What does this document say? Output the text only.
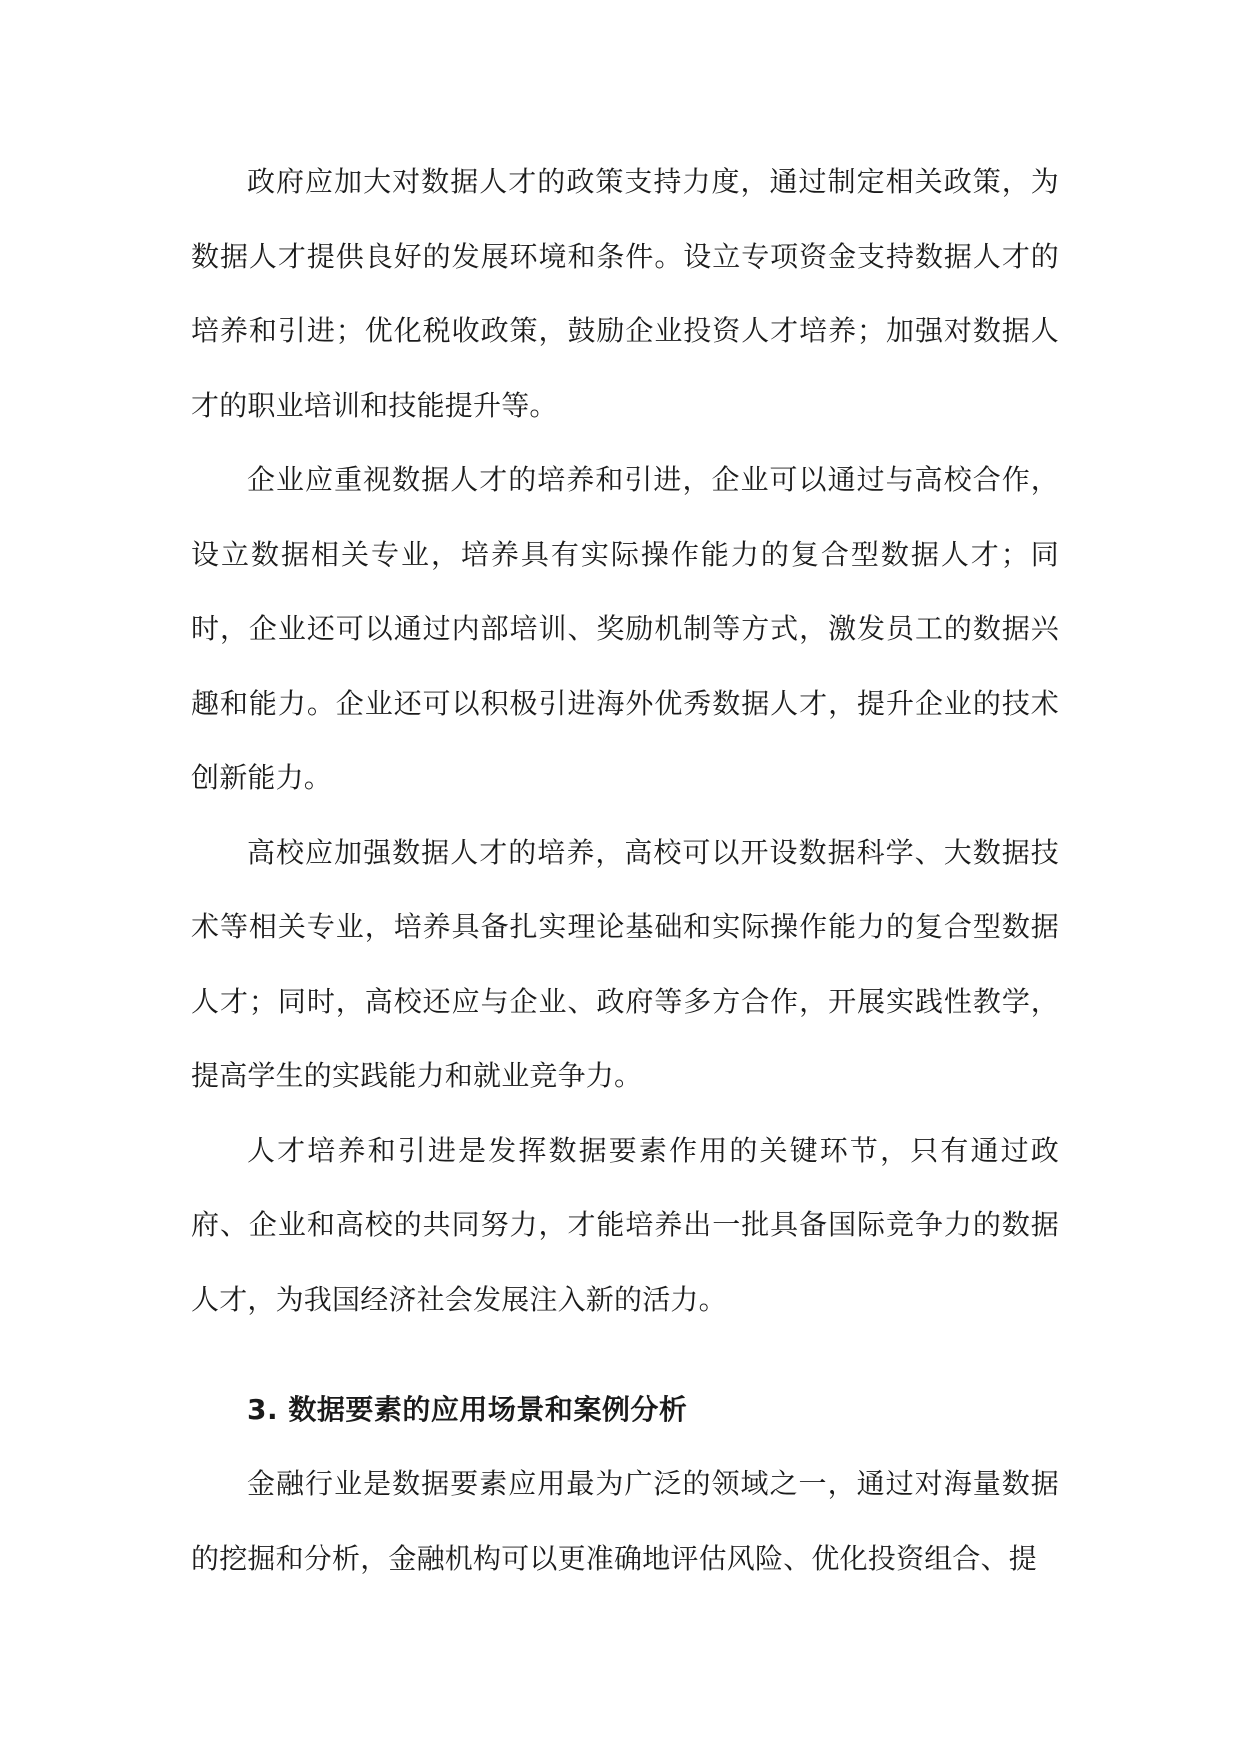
政府应加大对数据人才的政策支持力度，通过制定相关政策，为数据人才提供良好的发展环境和条件。设立专项资金支持数据人才的培养和引进；优化税收政策，鼓励企业投资人才培养；加强对数据人才的职业培训和技能提升等。

企业应重视数据人才的培养和引进，企业可以通过与高校合作，设立数据相关专业，培养具有实际操作能力的复合型数据人才；同时，企业还可以通过内部培训、奖励机制等方式，激发员工的数据兴趣和能力。企业还可以积极引进海外优秀数据人才，提升企业的技术创新能力。

高校应加强数据人才的培养，高校可以开设数据科学、大数据技术等相关专业，培养具备扎实理论基础和实际操作能力的复合型数据人才；同时，高校还应与企业、政府等多方合作，开展实践性教学，提高学生的实践能力和就业竞争力。

人才培养和引进是发挥数据要素作用的关键环节，只有通过政府、企业和高校的共同努力，才能培养出一批具备国际竞争力的数据人才，为我国经济社会发展注入新的活力。

3. 数据要素的应用场景和案例分析

金融行业是数据要素应用最为广泛的领域之一，通过对海量数据的挖掘和分析，金融机构可以更准确地评估风险、优化投资组合、提
